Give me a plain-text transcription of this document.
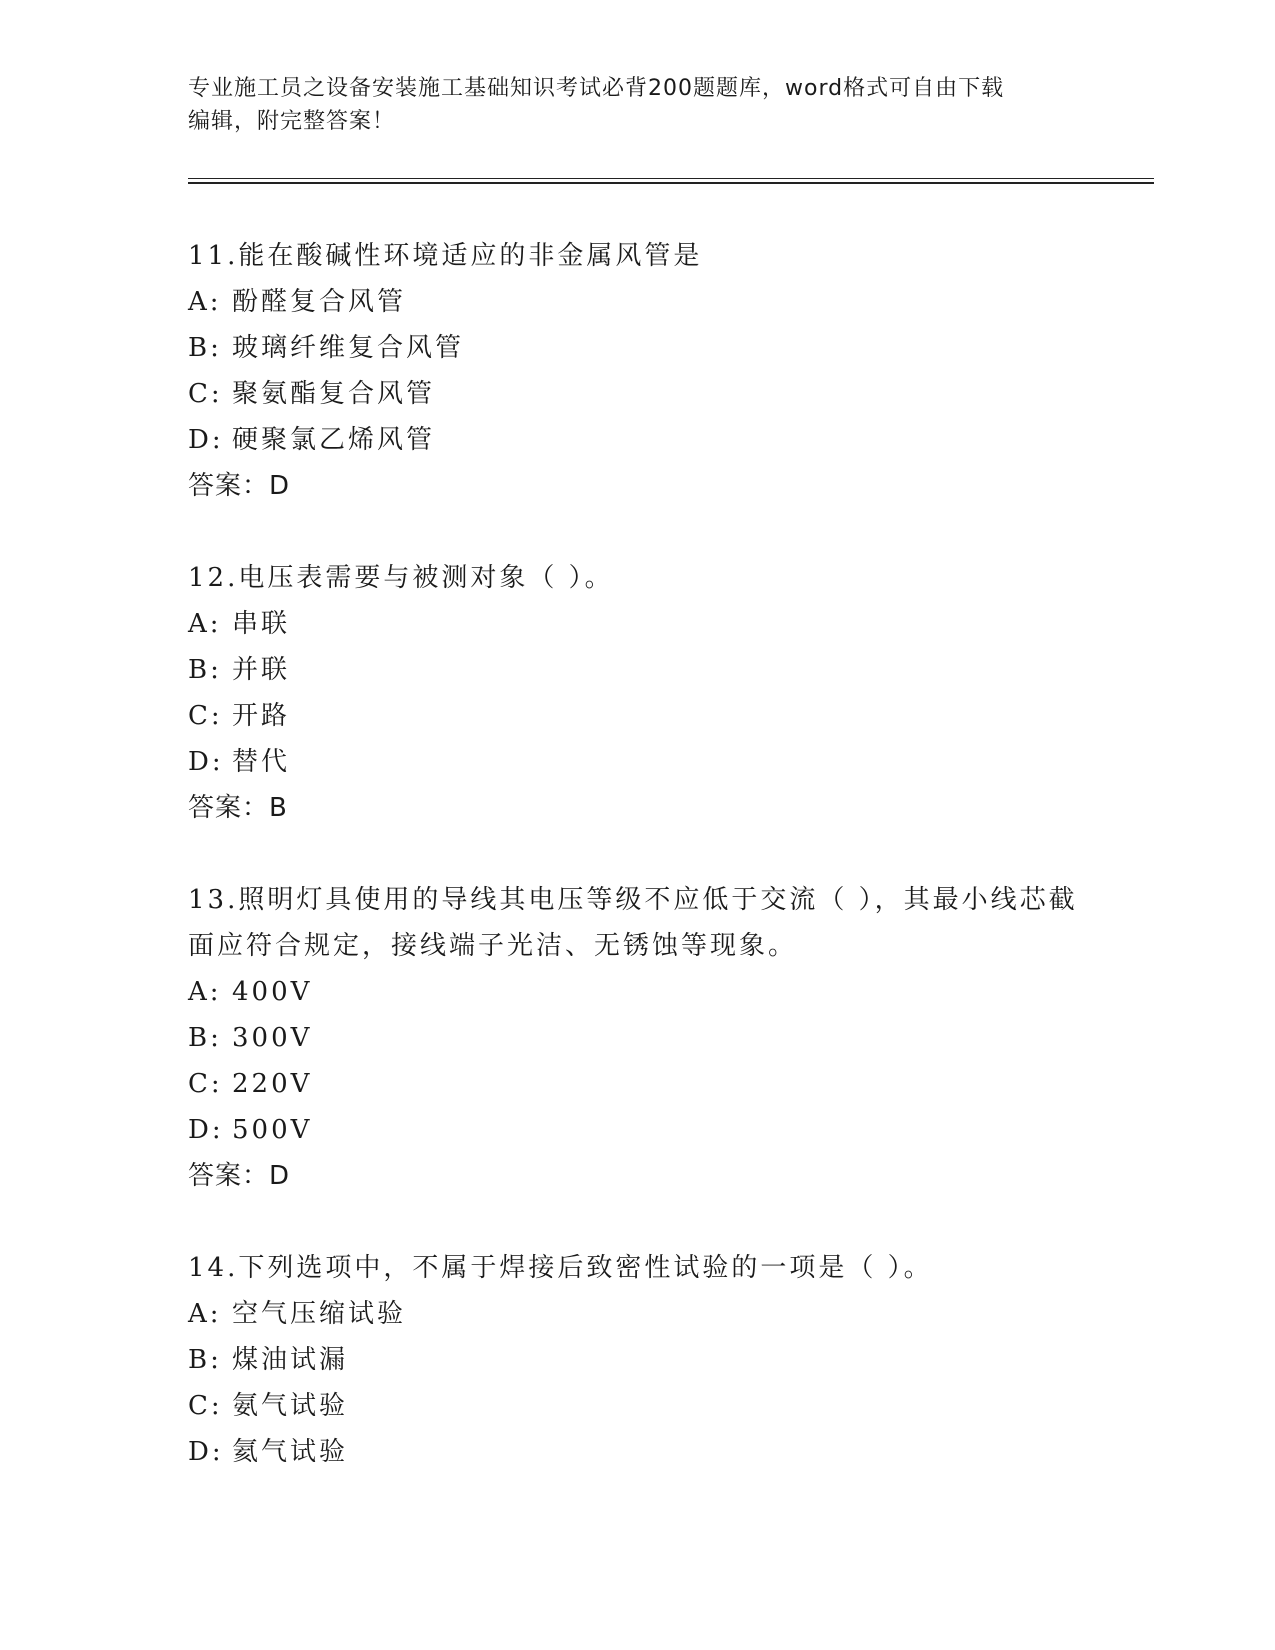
专业施工员之设备安装施工基础知识考试必背200题题库，word格式可自由下载
编辑，附完整答案！

11.能在酸碱性环境适应的非金属风管是

A: 酚醛复合风管
B: 玻璃纤维复合风管
C: 聚氨酯复合风管
D: 硬聚氯乙烯风管

答案：D

12.电压表需要与被测对象（ ）。

A: 串联
B: 并联
C: 开路
D: 替代

答案：B

13.照明灯具使用的导线其电压等级不应低于交流（ ），其最小线芯截面应符合规定，接线端子光洁、无锈蚀等现象。

A: 400V
B: 300V
C: 220V
D: 500V

答案：D

14.下列选项中，不属于焊接后致密性试验的一项是（ ）。

A: 空气压缩试验
B: 煤油试漏
C: 氨气试验
D: 氦气试验
